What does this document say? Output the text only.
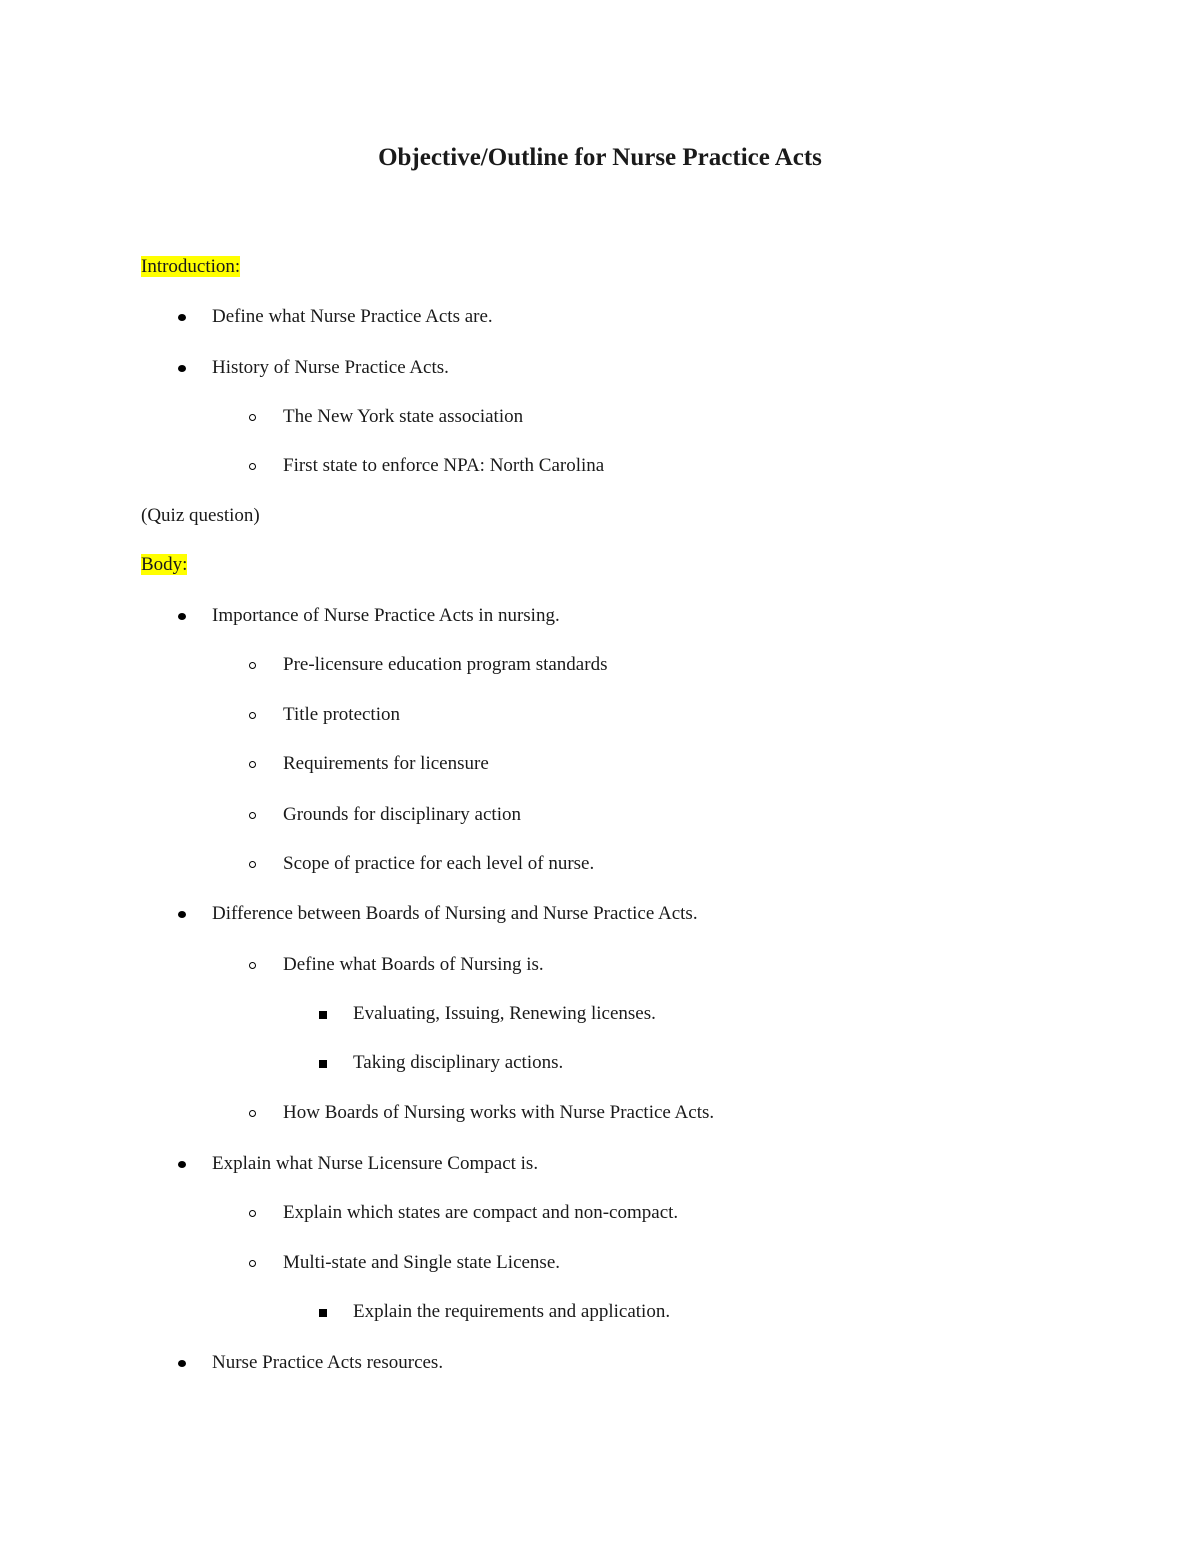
Objective/Outline for Nurse Practice Acts
Introduction:
Define what Nurse Practice Acts are.
History of Nurse Practice Acts.
The New York state association
First state to enforce NPA: North Carolina
(Quiz question)
Body:
Importance of Nurse Practice Acts in nursing.
Pre-licensure education program standards
Title protection
Requirements for licensure
Grounds for disciplinary action
Scope of practice for each level of nurse.
Difference between Boards of Nursing and Nurse Practice Acts.
Define what Boards of Nursing is.
Evaluating, Issuing, Renewing licenses.
Taking disciplinary actions.
How Boards of Nursing works with Nurse Practice Acts.
Explain what Nurse Licensure Compact is.
Explain which states are compact and non-compact.
Multi-state and Single state License.
Explain the requirements and application.
Nurse Practice Acts resources.
